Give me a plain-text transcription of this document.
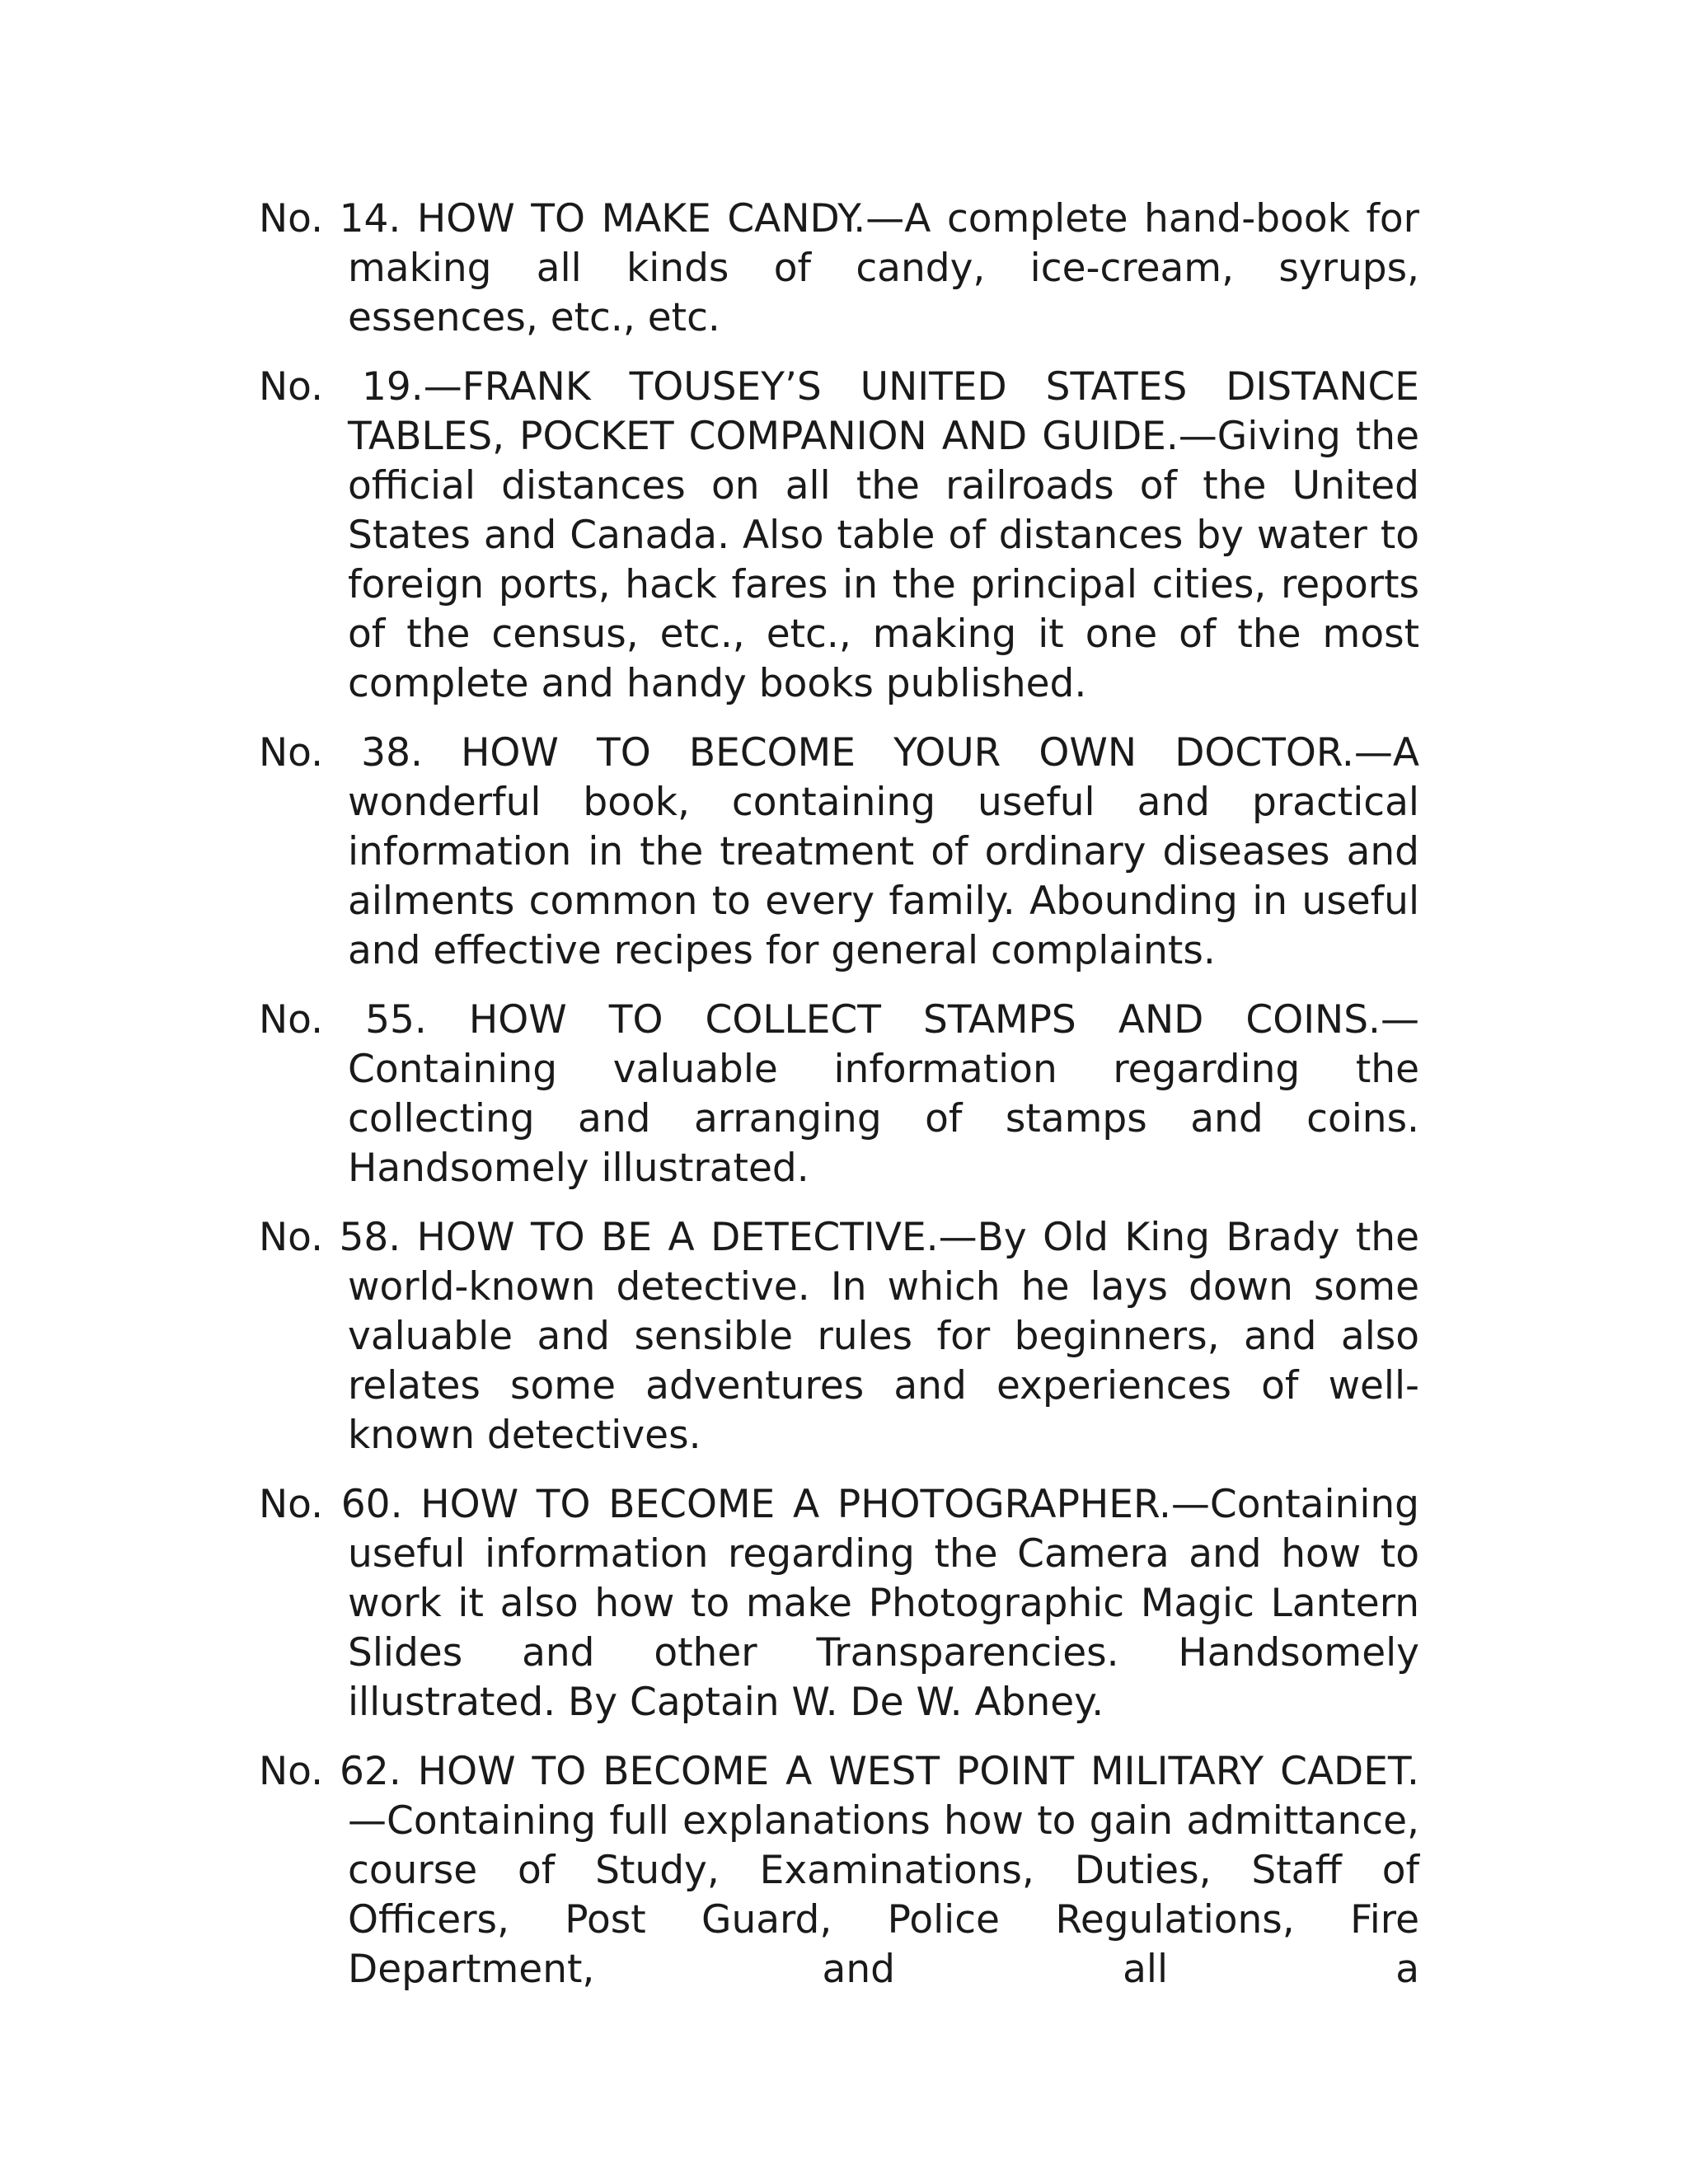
No. 14. HOW TO MAKE CANDY.—A complete hand-book for making all kinds of candy, ice-cream, syrups, essences, etc., etc.

No. 19.—FRANK TOUSEY’S UNITED STATES DISTANCE TABLES, POCKET COMPANION AND GUIDE.—Giving the official distances on all the railroads of the United States and Canada. Also table of distances by water to foreign ports, hack fares in the principal cities, reports of the census, etc., etc., making it one of the most complete and handy books published.

No. 38. HOW TO BECOME YOUR OWN DOCTOR.—A wonderful book, containing useful and practical information in the treatment of ordinary diseases and ailments common to every family. Abounding in useful and effective recipes for general complaints.

No. 55. HOW TO COLLECT STAMPS AND COINS.—Containing valuable information regarding the collecting and arranging of stamps and coins. Handsomely illustrated.

No. 58. HOW TO BE A DETECTIVE.—By Old King Brady the world-known detective. In which he lays down some valuable and sensible rules for beginners, and also relates some adventures and experiences of well-known detectives.

No. 60. HOW TO BECOME A PHOTOGRAPHER.—Containing useful information regarding the Camera and how to work it also how to make Photographic Magic Lantern Slides and other Transparencies. Handsomely illustrated. By Captain W. De W. Abney.

No. 62. HOW TO BECOME A WEST POINT MILITARY CADET.—Containing full explanations how to gain admittance, course of Study, Examinations, Duties, Staff of Officers, Post Guard, Police Regulations, Fire Department, and all a
